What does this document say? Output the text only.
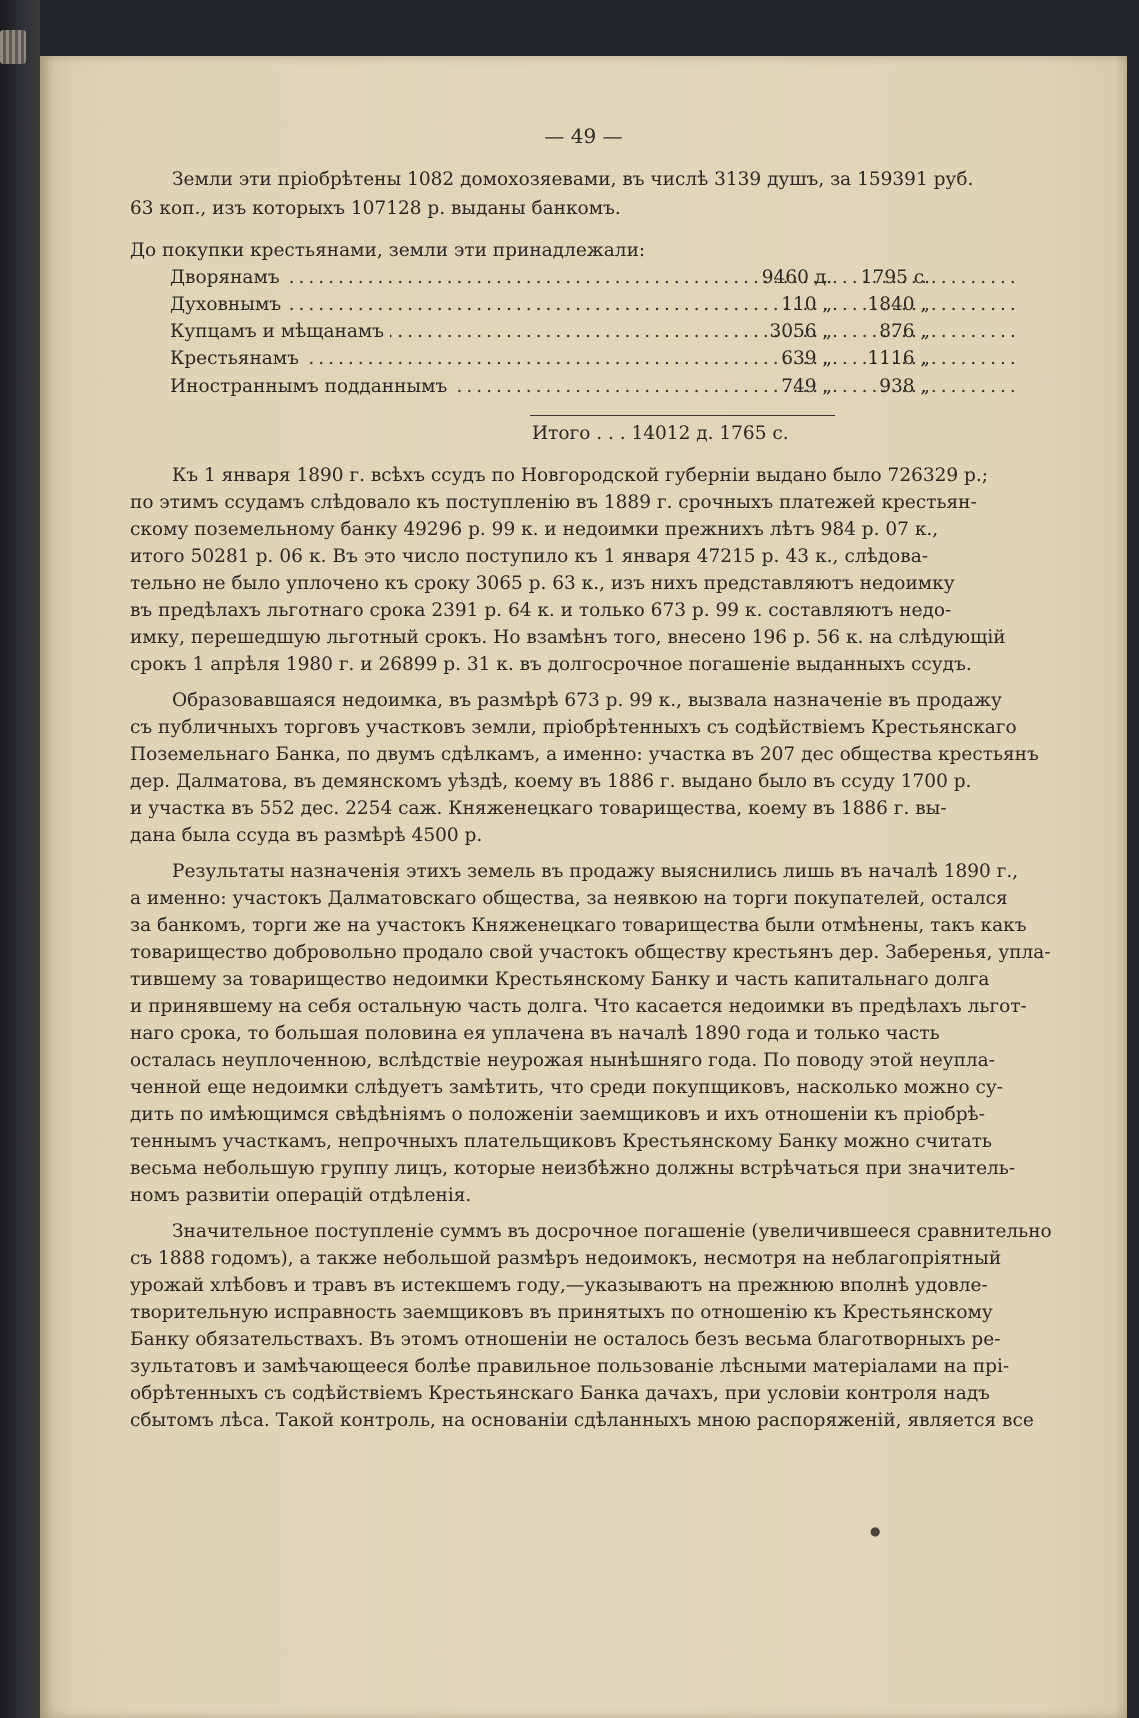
— 49 —
Земли эти пріобрѣтены 1082 домохозяевами, въ числѣ 3139 душъ, за 159391 руб.
63 коп., изъ которыхъ 107128 р. выданы банкомъ.
До покупки крестьянами, земли эти принадлежали:
.....
Дворянамъ	9460 д.	1795 с.
.....
Духовнымъ	110 „	1840 „
.....
Купцамъ и мѣщанамъ	3056 „	876 „
.....
Крестьянамъ	639 „	1116 „
.....
Иностраннымъ подданнымъ	749 „	938 „
Итого . . . 14012 д. 1765 с.
Къ 1 января 1890 г. всѣхъ ссудъ по Новгородской губерніи выдано было 726329 р.;
по этимъ ссудамъ слѣдовало къ поступленію въ 1889 г. срочныхъ платежей крестьян-
скому поземельному банку 49296 р. 99 к. и недоимки прежнихъ лѣтъ 984 р. 07 к.,
итого 50281 р. 06 к. Въ это число поступило къ 1 января 47215 р. 43 к., слѣдова-
тельно не было уплочено къ сроку 3065 р. 63 к., изъ нихъ представляютъ недоимку
въ предѣлахъ льготнаго срока 2391 р. 64 к. и только 673 р. 99 к. составляютъ недо-
имку, перешедшую льготный срокъ. Но взамѣнъ того, внесено 196 р. 56 к. на слѣдующій
срокъ 1 апрѣля 1980 г. и 26899 р. 31 к. въ долгосрочное погашеніе выданныхъ ссудъ.
Образовавшаяся недоимка, въ размѣрѣ 673 р. 99 к., вызвала назначеніе въ продажу
съ публичныхъ торговъ участковъ земли, пріобрѣтенныхъ съ содѣйствіемъ Крестьянскаго
Поземельнаго Банка, по двумъ сдѣлкамъ, а именно: участка въ 207 дес общества крестьянъ
дер. Далматова, въ демянскомъ уѣздѣ, коему въ 1886 г. выдано было въ ссуду 1700 р.
и участка въ 552 дес. 2254 саж. Княженецкаго товарищества, коему въ 1886 г. вы-
дана была ссуда въ размѣрѣ 4500 р.
Результаты назначенія этихъ земель въ продажу выяснились лишь въ началѣ 1890 г.,
а именно: участокъ Далматовскаго общества, за неявкою на торги покупателей, остался
за банкомъ, торги же на участокъ Княженецкаго товарищества были отмѣнены, такъ какъ
товарищество добровольно продало свой участокъ обществу крестьянъ дер. Заберенья, упла-
тившему за товарищество недоимки Крестьянскому Банку и часть капитальнаго долга
и принявшему на себя остальную часть долга. Что касается недоимки въ предѣлахъ льгот-
наго срока, то большая половина ея уплачена въ началѣ 1890 года и только часть
осталась неуплоченною, вслѣдствіе неурожая нынѣшняго года. По поводу этой неупла-
ченной еще недоимки слѣдуетъ замѣтить, что среди покупщиковъ, насколько можно су-
дить по имѣющимся свѣдѣніямъ о положеніи заемщиковъ и ихъ отношеніи къ пріобрѣ-
теннымъ участкамъ, непрочныхъ плательщиковъ Крестьянскому Банку можно считать
весьма небольшую группу лицъ, которые неизбѣжно должны встрѣчаться при значитель-
номъ развитіи операцій отдѣленія.
Значительное поступленіе суммъ въ досрочное погашеніе (увеличившееся сравнительно
съ 1888 годомъ), а также небольшой размѣръ недоимокъ, несмотря на неблагопріятный
урожай хлѣбовъ и травъ въ истекшемъ году,—указываютъ на прежнюю вполнѣ удовле-
творительную исправность заемщиковъ въ принятыхъ по отношенію къ Крестьянскому
Банку обязательствахъ. Въ этомъ отношеніи не осталось безъ весьма благотворныхъ ре-
зультатовъ и замѣчающееся болѣе правильное пользованіе лѣсными матеріалами на прі-
обрѣтенныхъ съ содѣйствіемъ Крестьянскаго Банка дачахъ, при условіи контроля надъ
сбытомъ лѣса. Такой контроль, на основаніи сдѣланныхъ мною распоряженій, является все
●
